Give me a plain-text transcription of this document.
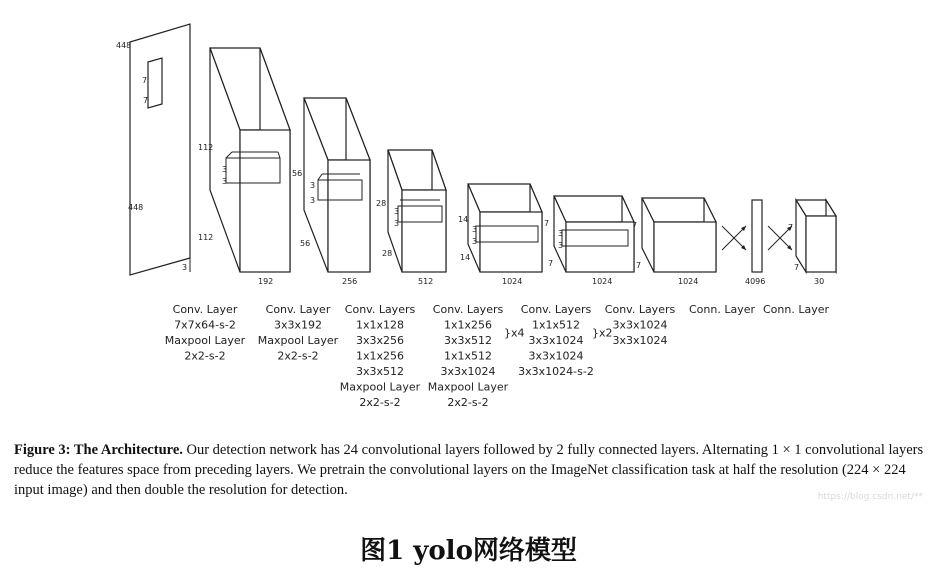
448
448
3
7
7
112
112
3
3
192
56
56
3
3
256
28
28
3
3
512
14
14
3
3
1024
7
7
3
3
1024
7
7
1024	4096
7
7
30
Conv. Layer
7x7x64-s-2
Maxpool Layer
2x2-s-2
Conv. Layer
3x3x192
Maxpool Layer
2x2-s-2
Conv. Layers
1x1x128
3x3x256
1x1x256
3x3x512
Maxpool Layer
2x2-s-2
Conv. Layers
1x1x256
3x3x512
1x1x512
3x3x1024
Maxpool Layer
2x2-s-2
}x4
Conv. Layers
1x1x512
3x3x1024
3x3x1024
3x3x1024-s-2
}x2
Conv. Layers
3x3x1024
3x3x1024
Conn. Layer Conn. Layer
Figure 3: The Architecture. Our detection network has 24 convolutional layers followed by 2 fully connected layers. Alternating 1 × 1 convolutional layers reduce the features space from preceding layers. We pretrain the convolutional layers on the ImageNet classification task at half the resolution (224 × 224 input image) and then double the resolution for detection.	https://blog.csdn.net/**
图1 yolo网络模型
